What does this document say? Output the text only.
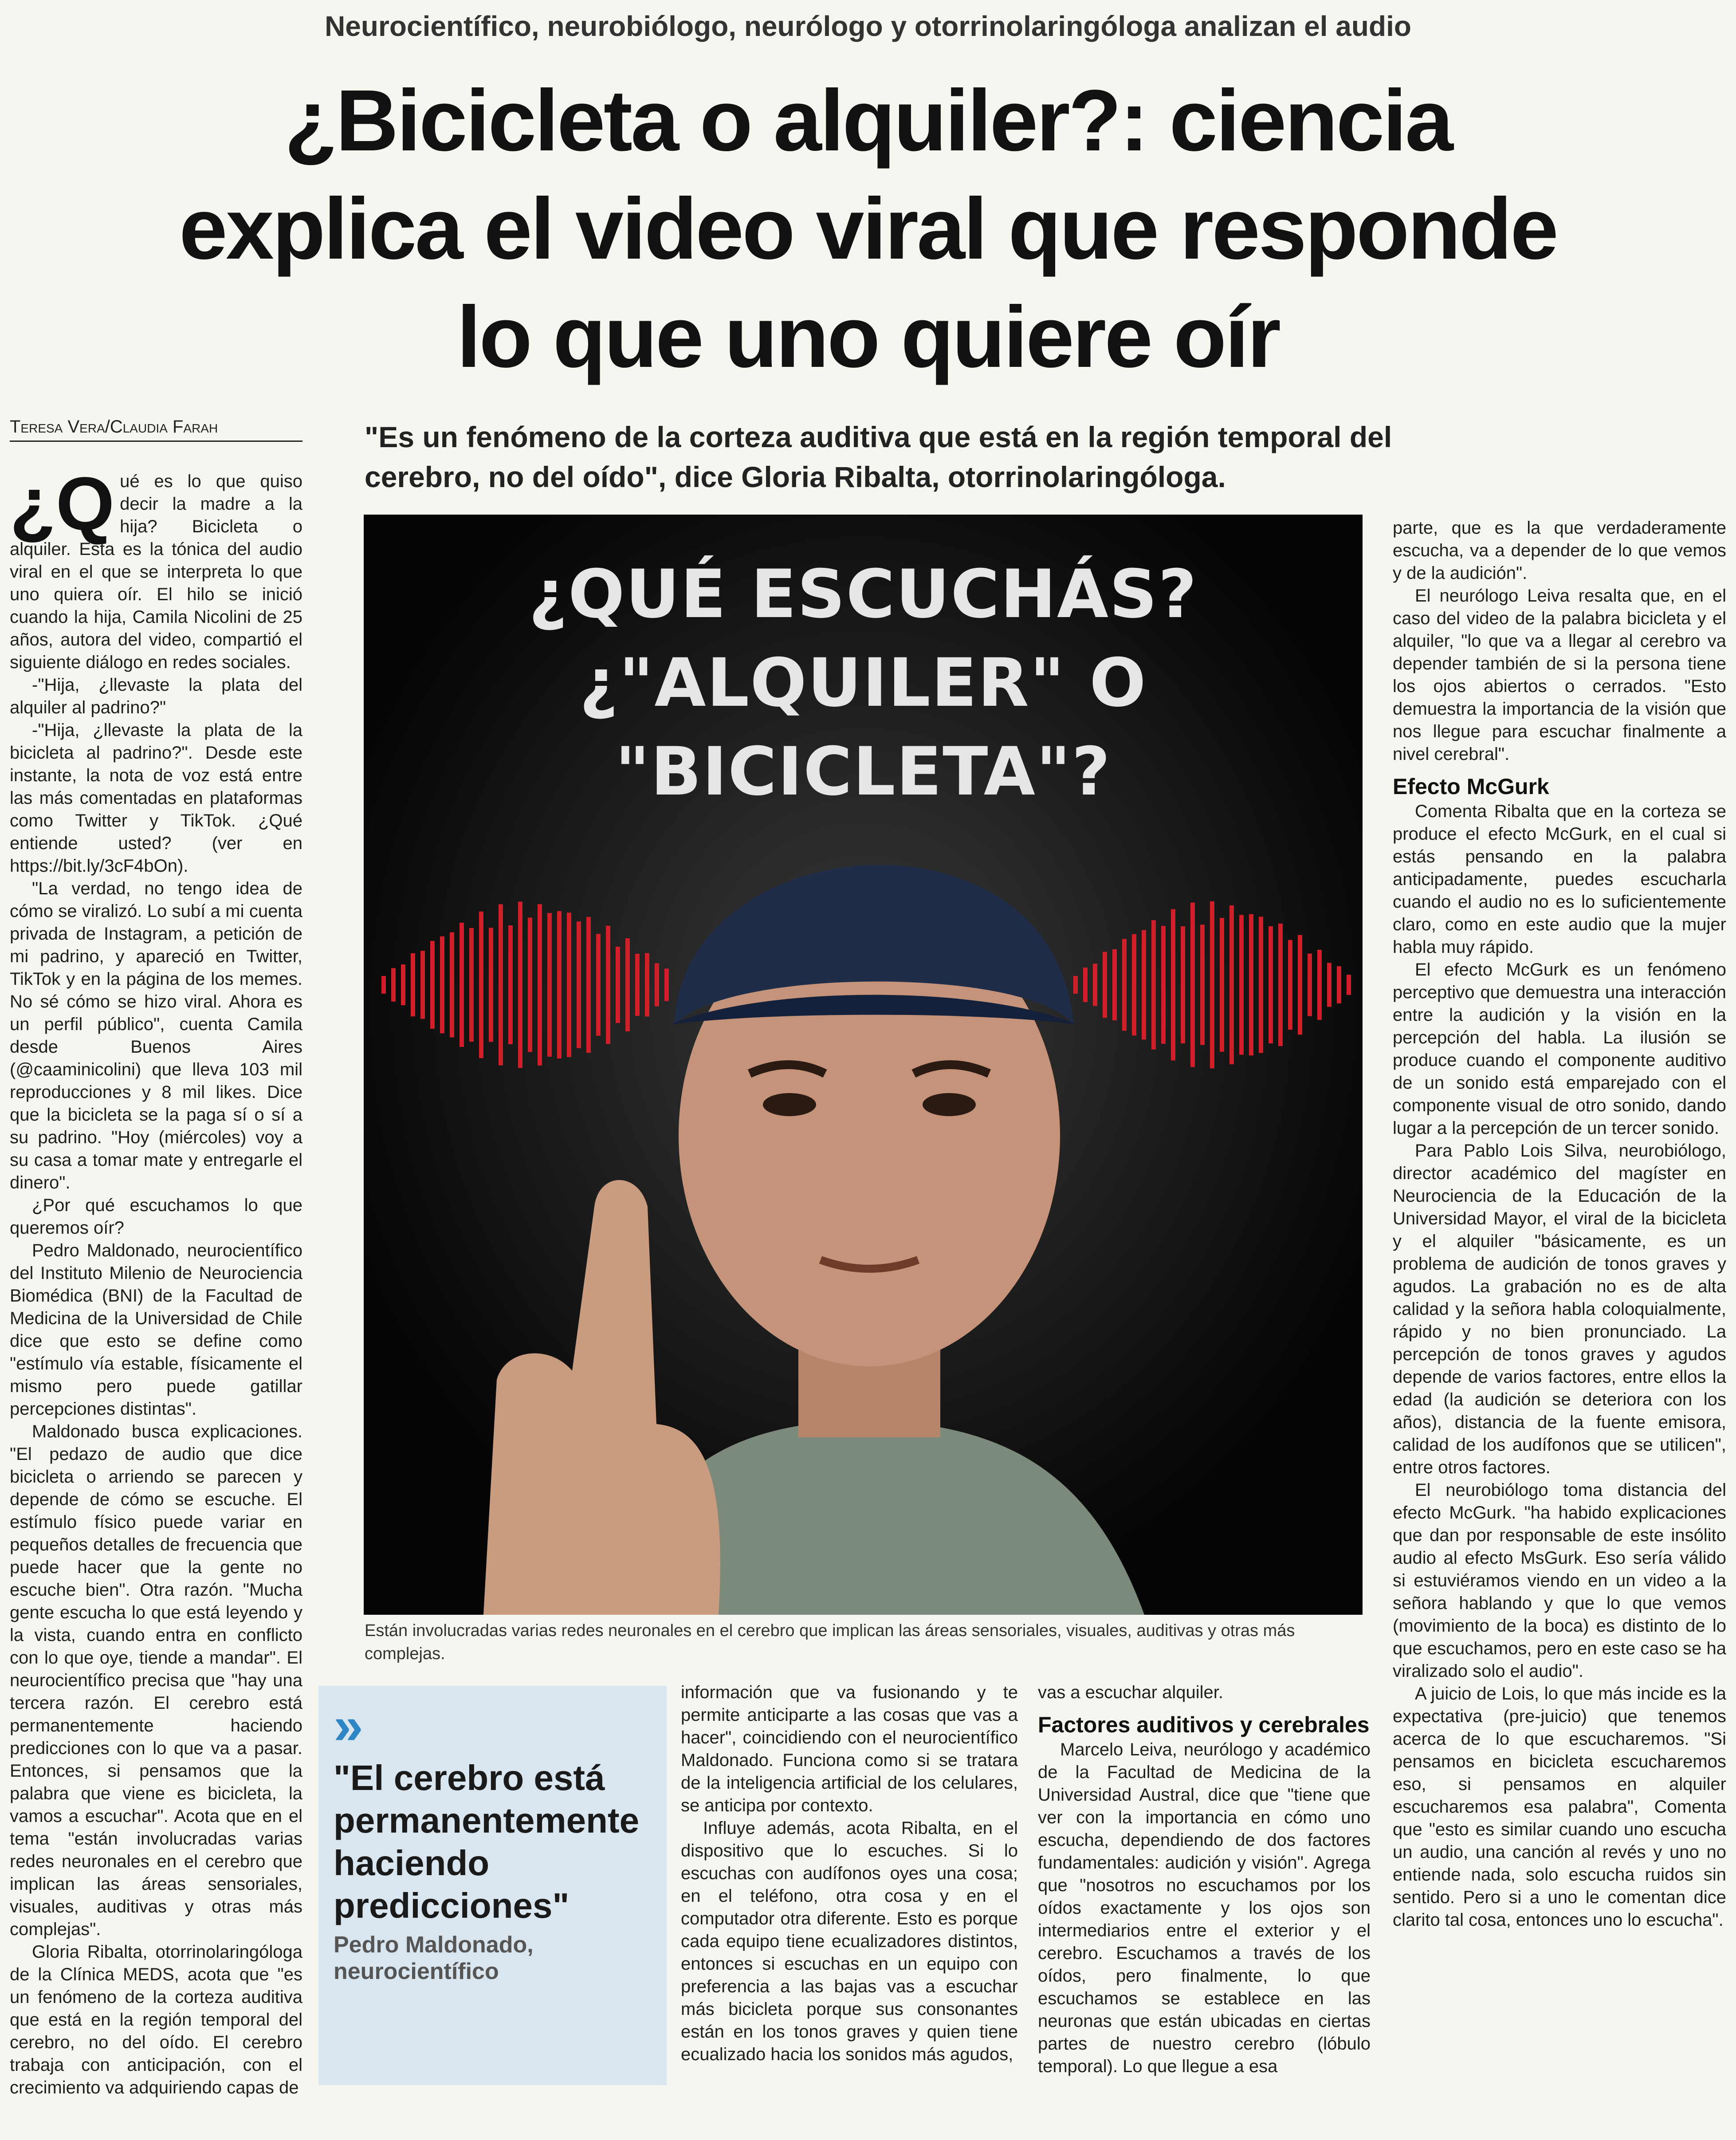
Neurocientífico, neurobiólogo, neurólogo y otorrinolaringóloga analizan el audio
¿Bicicleta o alquiler?: ciencia
explica el video viral que responde
lo que uno quiere oír
Teresa Vera/Claudia Farah	"Es un fenómeno de la corteza auditiva que está en la región temporal del cerebro, no del oído", dice Gloria Ribalta, otorrinolaringóloga.
¿QUÉ ESCUCHÁS?
¿"ALQUILER" O "BICICLETA"?
Están involucradas varias redes neuronales en el cerebro que implican las áreas sensoriales, visuales, auditivas y otras más complejas.

¿Q ué es lo que quiso decir la madre a la hija? Bicicleta o alquiler. Esta es la tónica del audio viral en el que se interpreta lo que uno quiera oír. El hilo se inició cuando la hija, Camila Nicolini de 25 años, autora del video, compartió el siguiente diálogo en redes sociales.

-"Hija, ¿llevaste la plata del alquiler al padrino?"

-"Hija, ¿llevaste la plata de la bicicleta al padrino?". Desde este instante, la nota de voz está entre las más comentadas en plataformas como Twitter y TikTok. ¿Qué entiende usted? (ver en https://bit.ly/3cF4bOn).

"La verdad, no tengo idea de cómo se viralizó. Lo subí a mi cuenta privada de Instagram, a petición de mi padrino, y apareció en Twitter, TikTok y en la página de los memes. No sé cómo se hizo viral. Ahora es un perfil público", cuenta Camila desde Buenos Aires (@caaminicolini) que lleva 103 mil reproducciones y 8 mil likes. Dice que la bicicleta se la paga sí o sí a su padrino. "Hoy (miércoles) voy a su casa a tomar mate y entregarle el dinero".

¿Por qué escuchamos lo que queremos oír?

Pedro Maldonado, neurocientífico del Instituto Milenio de Neurociencia Biomédica (BNI) de la Facultad de Medicina de la Universidad de Chile dice que esto se define como "estímulo vía estable, físicamente el mismo pero puede gatillar percepciones distintas".

Maldonado busca explicaciones. "El pedazo de audio que dice bicicleta o arriendo se parecen y depende de cómo se escuche. El estímulo físico puede variar en pequeños detalles de frecuencia que puede hacer que la gente no escuche bien". Otra razón. "Mucha gente escucha lo que está leyendo y la vista, cuando entra en conflicto con lo que oye, tiende a mandar". El neurocientífico precisa que "hay una tercera razón. El cerebro está permanentemente haciendo predicciones con lo que va a pasar. Entonces, si pensamos que la palabra que viene es bicicleta, la vamos a escuchar". Acota que en el tema "están involucradas varias redes neuronales en el cerebro que implican las áreas sensoriales, visuales, auditivas y otras más complejas".

Gloria Ribalta, otorrinolaringóloga de la Clínica MEDS, acota que "es un fenómeno de la corteza auditiva que está en la región temporal del cerebro, no del oído. El cerebro trabaja con anticipación, con el crecimiento va adquiriendo capas de

»
"El cerebro está permanentemente haciendo predicciones"
Pedro Maldonado, neurocientífico

información que va fusionando y te permite anticiparte a las cosas que vas a hacer", coincidiendo con el neurocientífico Maldonado. Funciona como si se tratara de la inteligencia artificial de los celulares, se anticipa por contexto.

Influye además, acota Ribalta, en el dispositivo que lo escuches. Si lo escuchas con audífonos oyes una cosa; en el teléfono, otra cosa y en el computador otra diferente. Esto es porque cada equipo tiene ecualizadores distintos, entonces si escuchas en un equipo con preferencia a las bajas vas a escuchar más bicicleta porque sus consonantes están en los tonos graves y quien tiene ecualizado hacia los sonidos más agudos,

vas a escuchar alquiler.

Factores auditivos y cerebrales

Marcelo Leiva, neurólogo y académico de la Facultad de Medicina de la Universidad Austral, dice que "tiene que ver con la importancia en cómo uno escucha, dependiendo de dos factores fundamentales: audición y visión". Agrega que "nosotros no escuchamos por los oídos exactamente y los ojos son intermediarios entre el exterior y el cerebro. Escuchamos a través de los oídos, pero finalmente, lo que escuchamos se establece en las neuronas que están ubicadas en ciertas partes de nuestro cerebro (lóbulo temporal). Lo que llegue a esa

parte, que es la que verdaderamente escucha, va a depender de lo que vemos y de la audición".

El neurólogo Leiva resalta que, en el caso del video de la palabra bicicleta y el alquiler, "lo que va a llegar al cerebro va depender también de si la persona tiene los ojos abiertos o cerrados. "Esto demuestra la importancia de la visión que nos llegue para escuchar finalmente a nivel cerebral".

Efecto McGurk

Comenta Ribalta que en la corteza se produce el efecto McGurk, en el cual si estás pensando en la palabra anticipadamente, puedes escucharla cuando el audio no es lo suficientemente claro, como en este audio que la mujer habla muy rápido.

El efecto McGurk es un fenómeno perceptivo que demuestra una interacción entre la audición y la visión en la percepción del habla. La ilusión se produce cuando el componente auditivo de un sonido está emparejado con el componente visual de otro sonido, dando lugar a la percepción de un tercer sonido.

Para Pablo Lois Silva, neurobiólogo, director académico del magíster en Neurociencia de la Educación de la Universidad Mayor, el viral de la bicicleta y el alquiler "básicamente, es un problema de audición de tonos graves y agudos. La grabación no es de alta calidad y la señora habla coloquialmente, rápido y no bien pronunciado. La percepción de tonos graves y agudos depende de varios factores, entre ellos la edad (la audición se deteriora con los años), distancia de la fuente emisora, calidad de los audífonos que se utilicen", entre otros factores.

El neurobiólogo toma distancia del efecto McGurk. "ha habido explicaciones que dan por responsable de este insólito audio al efecto MsGurk. Eso sería válido si estuviéramos viendo en un video a la señora hablando y que lo que vemos (movimiento de la boca) es distinto de lo que escuchamos, pero en este caso se ha viralizado solo el audio".

A juicio de Lois, lo que más incide es la expectativa (pre-juicio) que tenemos acerca de lo que escucharemos. "Si pensamos en bicicleta escucharemos eso, si pensamos en alquiler escucharemos esa palabra", Comenta que "esto es similar cuando uno escucha un audio, una canción al revés y uno no entiende nada, solo escucha ruidos sin sentido. Pero si a uno le comentan dice clarito tal cosa, entonces uno lo escucha".
